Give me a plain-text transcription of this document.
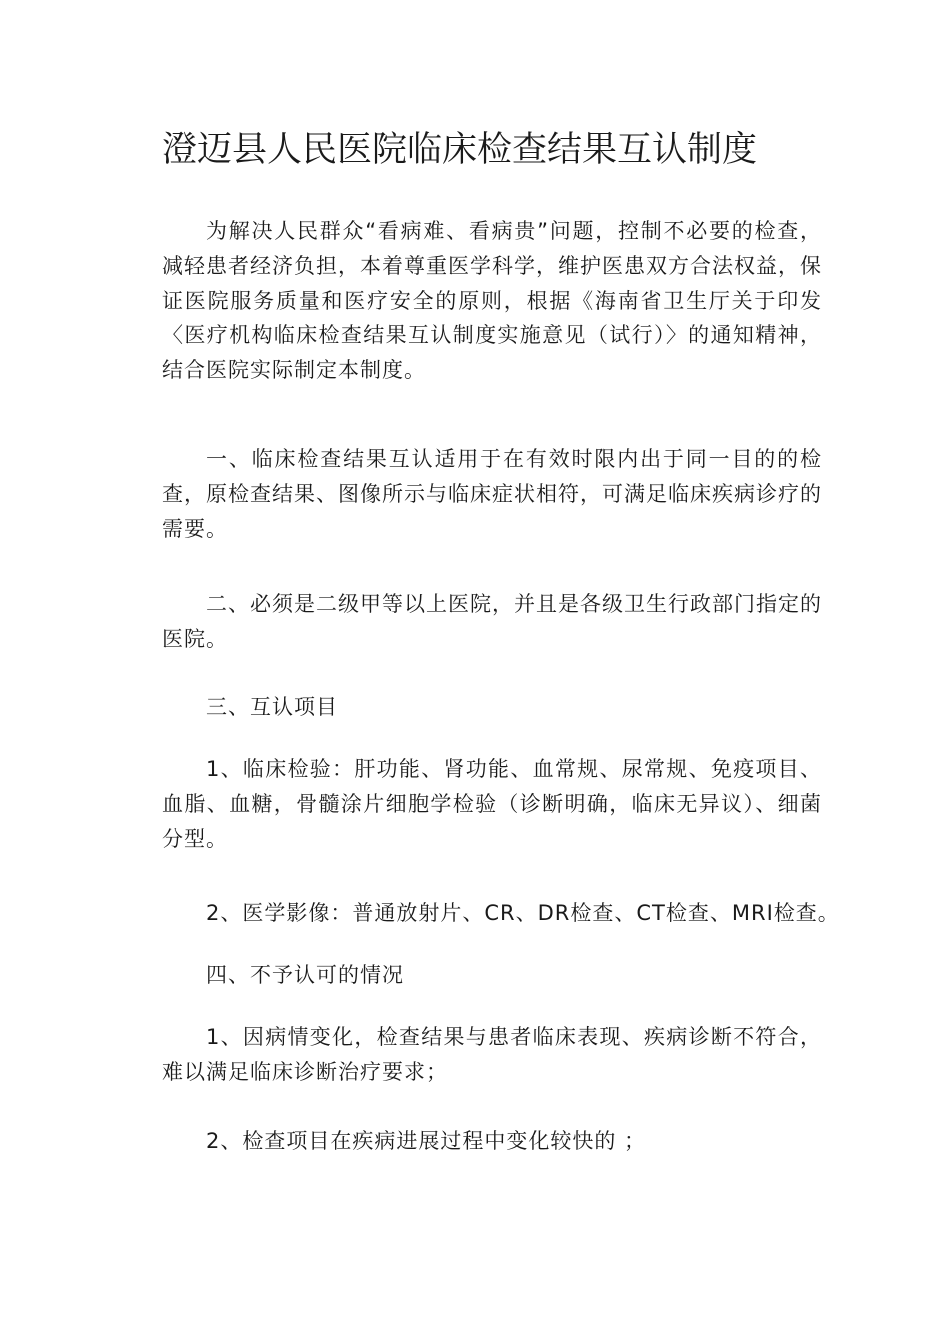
澄迈县人民医院临床检查结果互认制度

为解决人民群众“看病难、看病贵”问题，控制不必要的检查，减轻患者经济负担，本着尊重医学科学，维护医患双方合法权益，保证医院服务质量和医疗安全的原则，根据《海南省卫生厅关于印发〈医疗机构临床检查结果互认制度实施意见（试行）〉的通知精神，结合医院实际制定本制度。

一、临床检查结果互认适用于在有效时限内出于同一目的的检查，原检查结果、图像所示与临床症状相符，可满足临床疾病诊疗的需要。

二、必须是二级甲等以上医院，并且是各级卫生行政部门指定的医院。

三、互认项目

1、临床检验：肝功能、肾功能、血常规、尿常规、免疫项目、血脂、血糖，骨髓涂片细胞学检验（诊断明确，临床无异议）、细菌分型。

2、医学影像：普通放射片、CR、DR检查、CT检查、MRI检查。

四、不予认可的情况

1、因病情变化，检查结果与患者临床表现、疾病诊断不符合，难以满足临床诊断治疗要求；

2、检查项目在疾病进展过程中变化较快的 ；
